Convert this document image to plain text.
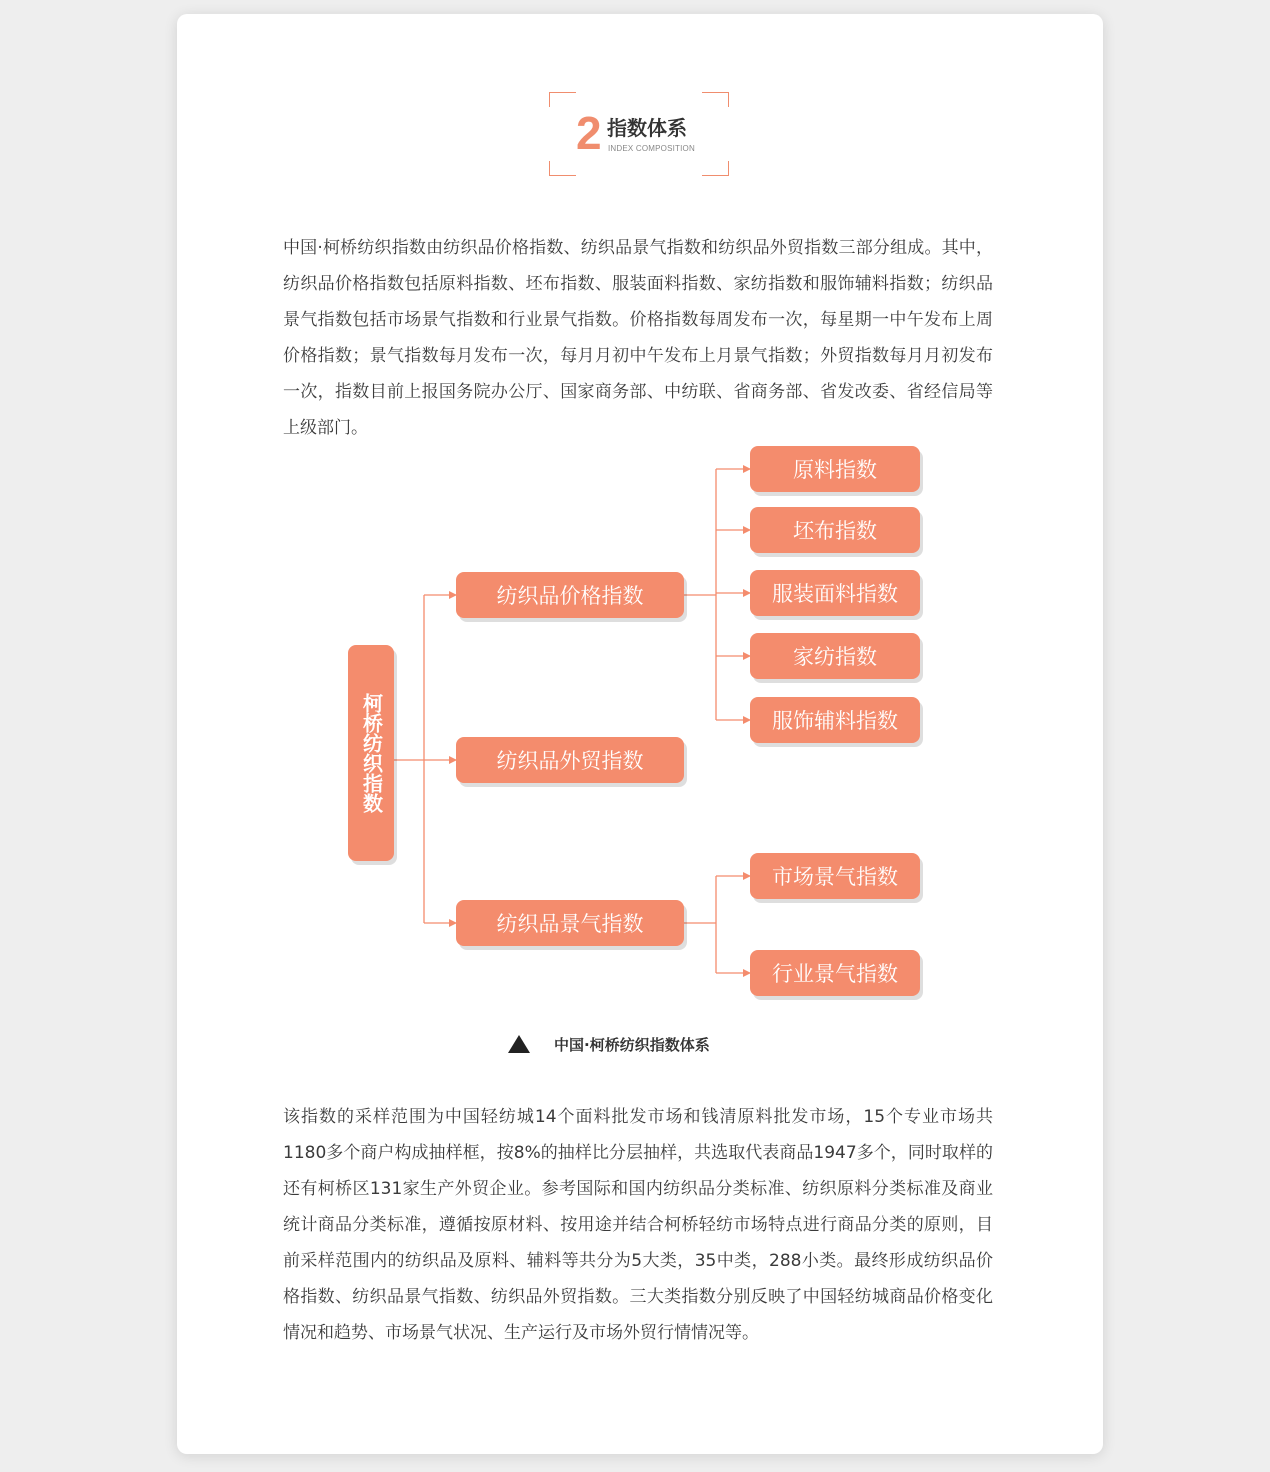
2 指数体系
INDEX COMPOSITION

中国·柯桥纺织指数由纺织品价格指数、纺织品景气指数和纺织品外贸指数三部分组成。其中，纺织品价格指数包括原料指数、坯布指数、服装面料指数、家纺指数和服饰辅料指数；纺织品景气指数包括市场景气指数和行业景气指数。价格指数每周发布一次，每星期一中午发布上周价格指数；景气指数每月发布一次，每月月初中午发布上月景气指数；外贸指数每月月初发布一次，指数目前上报国务院办公厅、国家商务部、中纺联、省商务部、省发改委、省经信局等上级部门。

柯桥纺织指数
纺织品价格指数
纺织品外贸指数
纺织品景气指数
原料指数
坯布指数
服装面料指数
家纺指数
服饰辅料指数
市场景气指数
行业景气指数
中国·柯桥纺织指数体系

该指数的采样范围为中国轻纺城14个面料批发市场和钱清原料批发市场，15个专业市场共1180多个商户构成抽样框，按8%的抽样比分层抽样，共选取代表商品1947多个，同时取样的还有柯桥区131家生产外贸企业。参考国际和国内纺织品分类标准、纺织原料分类标准及商业统计商品分类标准，遵循按原材料、按用途并结合柯桥轻纺市场特点进行商品分类的原则，目前采样范围内的纺织品及原料、辅料等共分为5大类，35中类，288小类。最终形成纺织品价格指数、纺织品景气指数、纺织品外贸指数。三大类指数分别反映了中国轻纺城商品价格变化情况和趋势、市场景气状况、生产运行及市场外贸行情情况等。
